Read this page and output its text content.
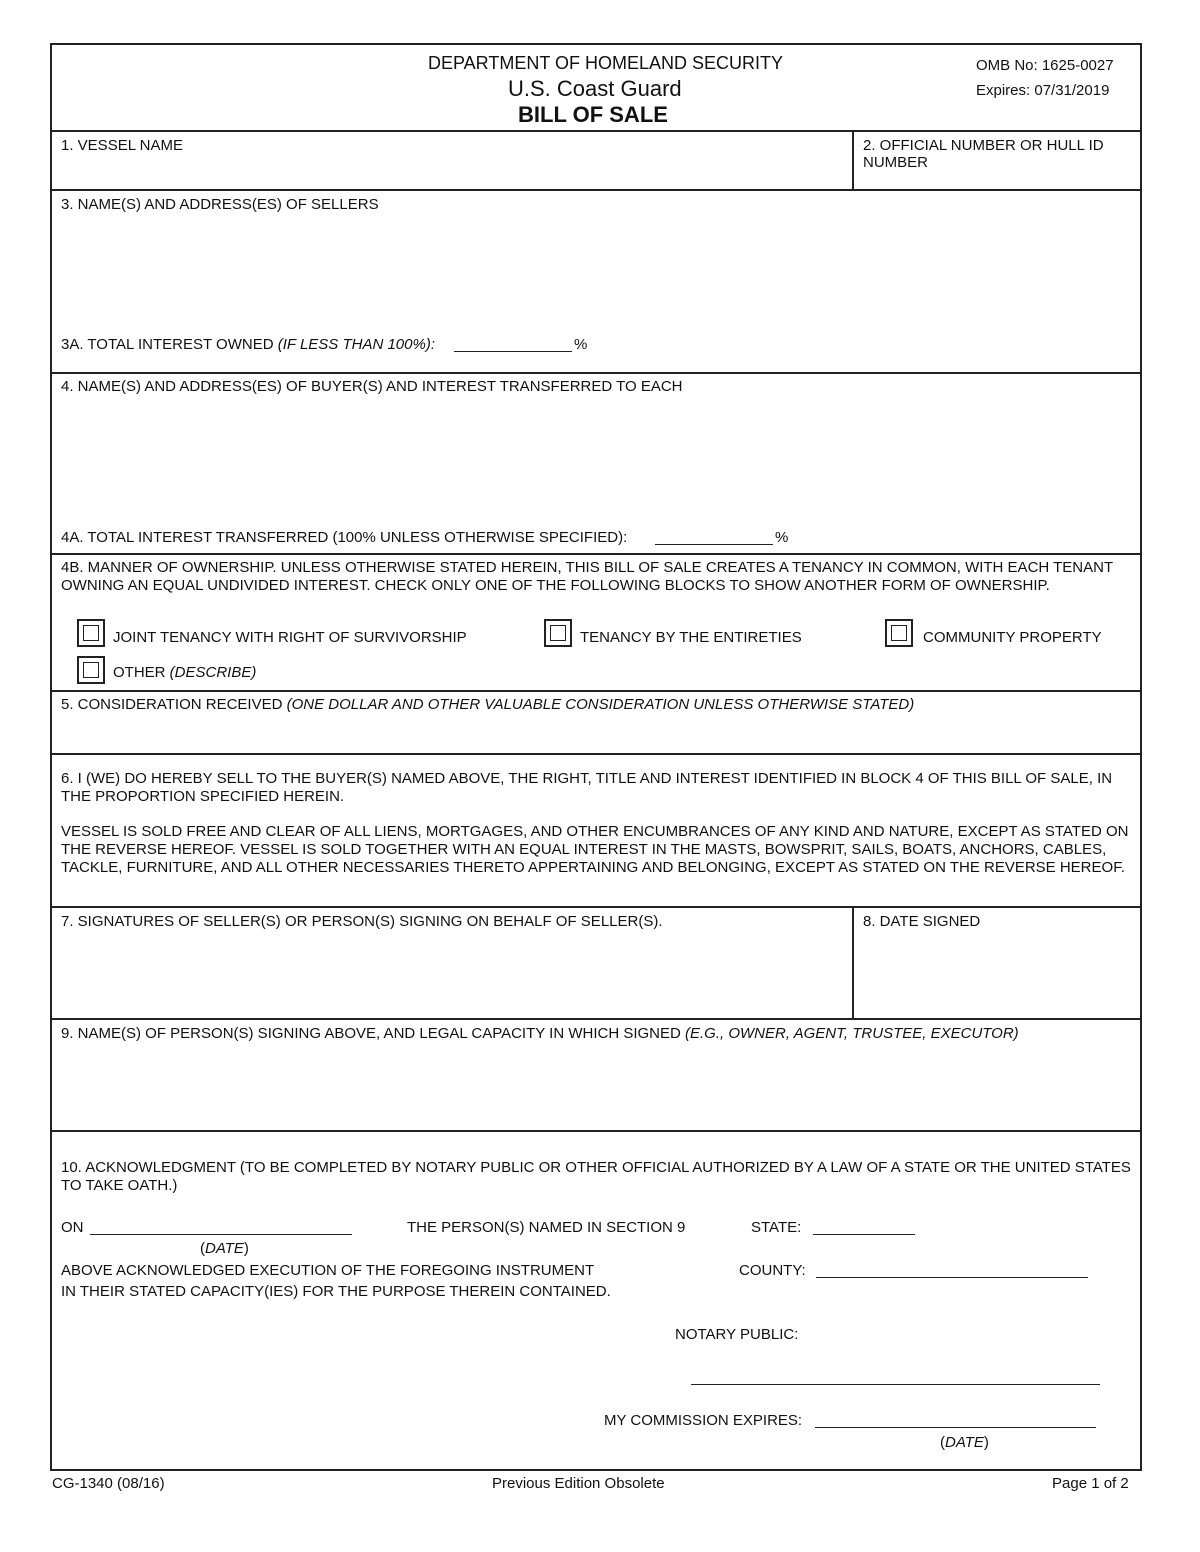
DEPARTMENT OF HOMELAND SECURITY
U.S. Coast Guard
BILL OF SALE
OMB No: 1625-0027
Expires: 07/31/2019
1. VESSEL NAME	2. OFFICIAL NUMBER OR HULL ID
NUMBER
3. NAME(S) AND ADDRESS(ES) OF SELLERS
3A. TOTAL INTEREST OWNED (IF LESS THAN 100%):	%
4. NAME(S) AND ADDRESS(ES) OF BUYER(S) AND INTEREST TRANSFERRED TO EACH
4A. TOTAL INTEREST TRANSFERRED (100% UNLESS OTHERWISE SPECIFIED):	%
4B. MANNER OF OWNERSHIP. UNLESS OTHERWISE STATED HEREIN, THIS BILL OF SALE CREATES A TENANCY IN COMMON, WITH EACH TENANT OWNING AN EQUAL UNDIVIDED INTEREST. CHECK ONLY ONE OF THE FOLLOWING BLOCKS TO SHOW ANOTHER FORM OF OWNERSHIP.
JOINT TENANCY WITH RIGHT OF SURVIVORSHIP	TENANCY BY THE ENTIRETIES	COMMUNITY PROPERTY
OTHER (DESCRIBE)
5. CONSIDERATION RECEIVED (ONE DOLLAR AND OTHER VALUABLE CONSIDERATION UNLESS OTHERWISE STATED)
6. I (WE) DO HEREBY SELL TO THE BUYER(S) NAMED ABOVE, THE RIGHT, TITLE AND INTEREST IDENTIFIED IN BLOCK 4 OF THIS BILL OF SALE, IN THE PROPORTION SPECIFIED HEREIN.
VESSEL IS SOLD FREE AND CLEAR OF ALL LIENS, MORTGAGES, AND OTHER ENCUMBRANCES OF ANY KIND AND NATURE, EXCEPT AS STATED ON THE REVERSE HEREOF. VESSEL IS SOLD TOGETHER WITH AN EQUAL INTEREST IN THE MASTS, BOWSPRIT, SAILS, BOATS, ANCHORS, CABLES, TACKLE, FURNITURE, AND ALL OTHER NECESSARIES THERETO APPERTAINING AND BELONGING, EXCEPT AS STATED ON THE REVERSE HEREOF.
7. SIGNATURES OF SELLER(S) OR PERSON(S) SIGNING ON BEHALF OF SELLER(S).	8. DATE SIGNED
9. NAME(S) OF PERSON(S) SIGNING ABOVE, AND LEGAL CAPACITY IN WHICH SIGNED (E.G., OWNER, AGENT, TRUSTEE, EXECUTOR)
10. ACKNOWLEDGMENT (TO BE COMPLETED BY NOTARY PUBLIC OR OTHER OFFICIAL AUTHORIZED BY A LAW OF A STATE OR THE UNITED STATES TO TAKE OATH.)
ON	THE PERSON(S) NAMED IN SECTION 9	STATE:
(DATE)
ABOVE ACKNOWLEDGED EXECUTION OF THE FOREGOING INSTRUMENT	COUNTY:
IN THEIR STATED CAPACITY(IES) FOR THE PURPOSE THEREIN CONTAINED.
NOTARY PUBLIC:
MY COMMISSION EXPIRES:
(DATE)
CG-1340 (08/16)	Previous Edition Obsolete	Page 1 of 2
